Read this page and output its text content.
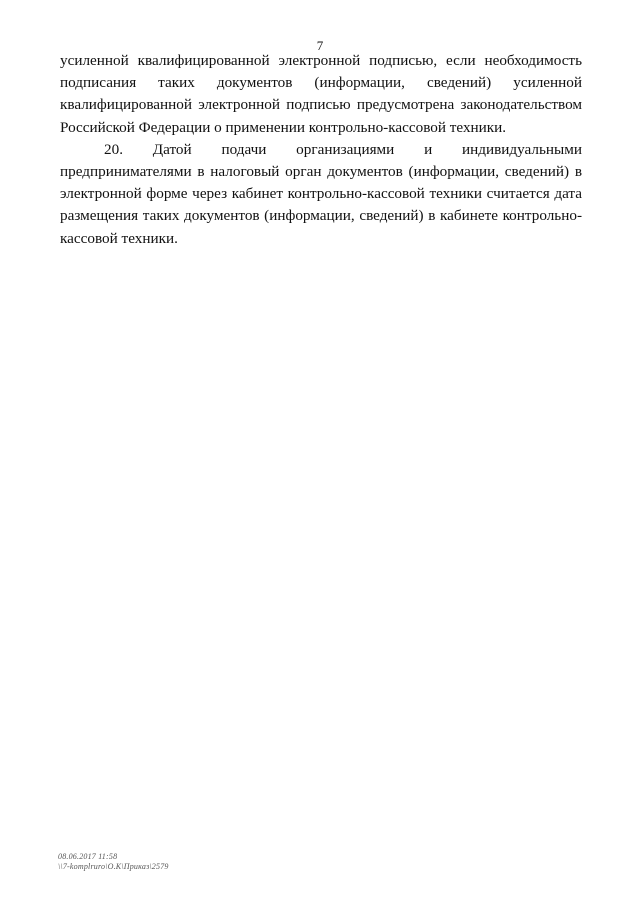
7

усиленной квалифицированной электронной подписью, если необходимость подписания таких документов (информации, сведений) усиленной квалифицированной электронной подписью предусмотрена законодательством Российской Федерации о применении контрольно-кассовой техники.

20. Датой подачи организациями и индивидуальными предпринимателями в налоговый орган документов (информации, сведений) в электронной форме через кабинет контрольно-кассовой техники считается дата размещения таких документов (информации, сведений) в кабинете контрольно-кассовой техники.

08.06.2017 11:58
\\7-komplruro\O.K\Приказ\2579
